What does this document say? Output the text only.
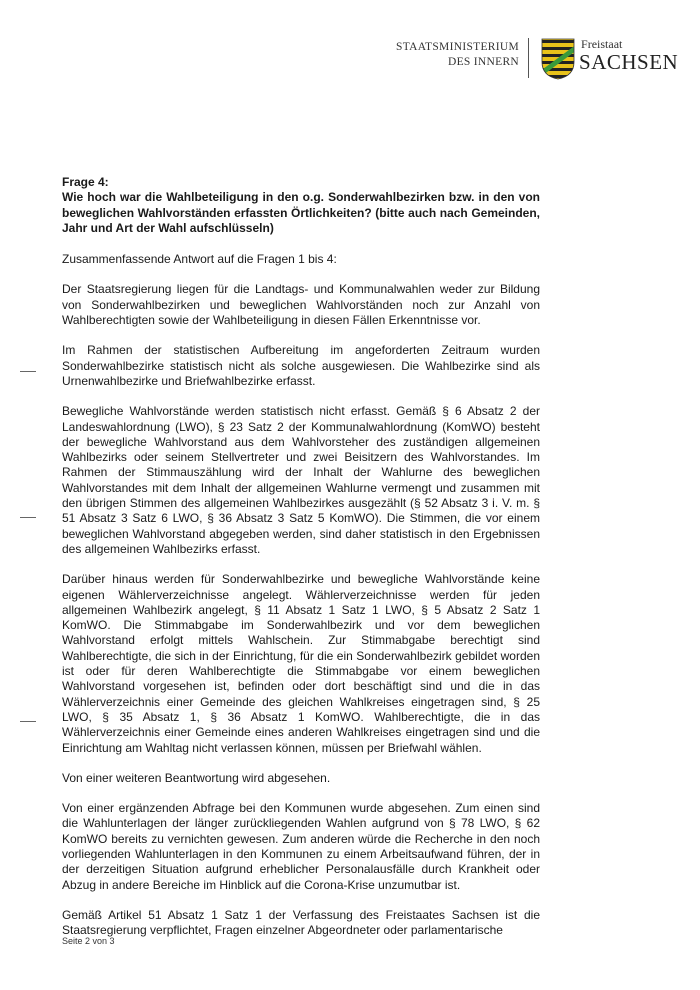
STAATSMINISTERIUM
DES INNERN
Freistaat
SACHSEN
Frage 4:
Wie hoch war die Wahlbeteiligung in den o.g. Sonderwahlbezirken bzw. in den von beweglichen Wahlvorständen erfassten Örtlichkeiten? (bitte auch nach Gemeinden, Jahr und Art der Wahl aufschlüsseln)

Zusammenfassende Antwort auf die Fragen 1 bis 4:

Der Staatsregierung liegen für die Landtags- und Kommunalwahlen weder zur Bildung von Sonderwahlbezirken und beweglichen Wahlvorständen noch zur Anzahl von Wahlberechtigten sowie der Wahlbeteiligung in diesen Fällen Erkenntnisse vor.

Im Rahmen der statistischen Aufbereitung im angeforderten Zeitraum wurden Sonderwahlbezirke statistisch nicht als solche ausgewiesen. Die Wahlbezirke sind als Urnenwahlbezirke und Briefwahlbezirke erfasst.

Bewegliche Wahlvorstände werden statistisch nicht erfasst. Gemäß § 6 Absatz 2 der Landeswahlordnung (LWO), § 23 Satz 2 der Kommunalwahlordnung (KomWO) besteht der bewegliche Wahlvorstand aus dem Wahlvorsteher des zuständigen allgemeinen Wahlbezirks oder seinem Stellvertreter und zwei Beisitzern des Wahlvorstandes. Im Rahmen der Stimmauszählung wird der Inhalt der Wahlurne des beweglichen Wahlvorstandes mit dem Inhalt der allgemeinen Wahlurne vermengt und zusammen mit den übrigen Stimmen des allgemeinen Wahlbezirkes ausgezählt (§ 52 Absatz 3 i. V. m. § 51 Absatz 3 Satz 6 LWO, § 36 Absatz 3 Satz 5 KomWO). Die Stimmen, die vor einem beweglichen Wahlvorstand abgegeben werden, sind daher statistisch in den Ergebnissen des allgemeinen Wahlbezirks erfasst.

Darüber hinaus werden für Sonderwahlbezirke und bewegliche Wahlvorstände keine eigenen Wählerverzeichnisse angelegt. Wählerverzeichnisse werden für jeden allgemeinen Wahlbezirk angelegt, § 11 Absatz 1 Satz 1 LWO, § 5 Absatz 2 Satz 1 KomWO. Die Stimmabgabe im Sonderwahlbezirk und vor dem beweglichen Wahlvorstand erfolgt mittels Wahlschein. Zur Stimmabgabe berechtigt sind Wahlberechtigte, die sich in der Einrichtung, für die ein Sonderwahlbezirk gebildet worden ist oder für deren Wahlberechtigte die Stimmabgabe vor einem beweglichen Wahlvorstand vorgesehen ist, befinden oder dort beschäftigt sind und die in das Wählerverzeichnis einer Gemeinde des gleichen Wahlkreises eingetragen sind, § 25 LWO, § 35 Absatz 1, § 36 Absatz 1 KomWO. Wahlberechtigte, die in das Wählerverzeichnis einer Gemeinde eines anderen Wahlkreises eingetragen sind und die Einrichtung am Wahltag nicht verlassen können, müssen per Briefwahl wählen.

Von einer weiteren Beantwortung wird abgesehen.

Von einer ergänzenden Abfrage bei den Kommunen wurde abgesehen. Zum einen sind die Wahlunterlagen der länger zurückliegenden Wahlen aufgrund von § 78 LWO, § 62 KomWO bereits zu vernichten gewesen. Zum anderen würde die Recherche in den noch vorliegenden Wahlunterlagen in den Kommunen zu einem Arbeitsaufwand führen, der in der derzeitigen Situation aufgrund erheblicher Personalausfälle durch Krankheit oder Abzug in andere Bereiche im Hinblick auf die Corona-Krise unzumutbar ist.

Gemäß Artikel 51 Absatz 1 Satz 1 der Verfassung des Freistaates Sachsen ist die Staatsregierung verpflichtet, Fragen einzelner Abgeordneter oder parlamentarische

Seite 2 von 3
